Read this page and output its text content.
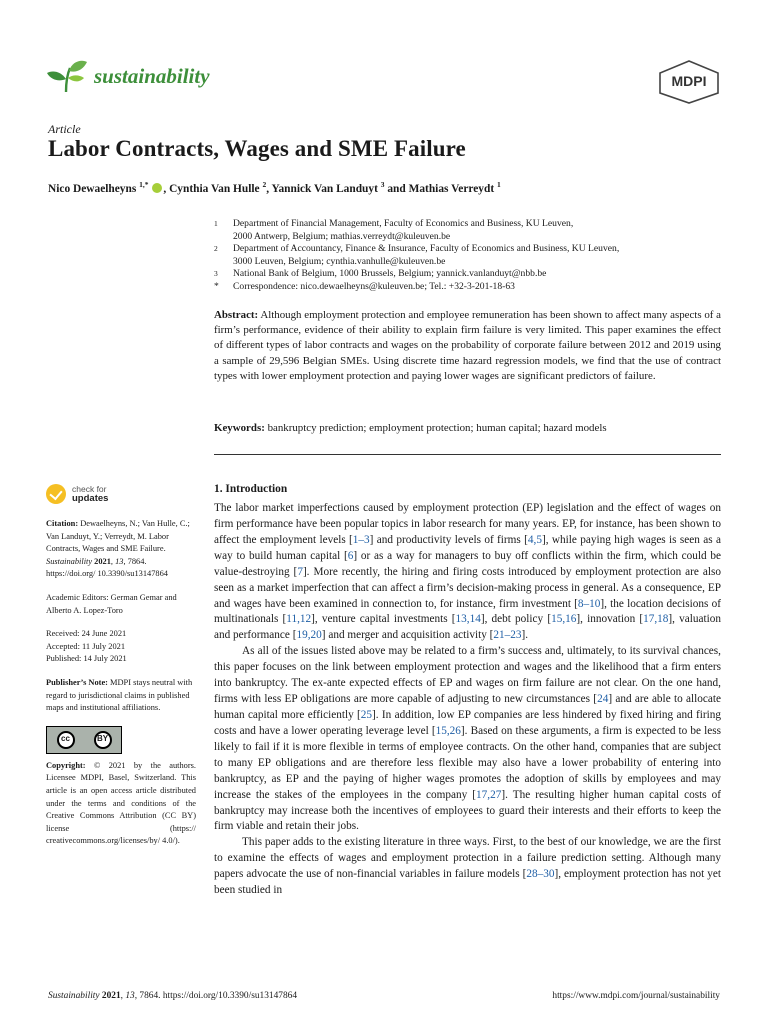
sustainability	MDPI
Article
Labor Contracts, Wages and SME Failure
Nico Dewaelheyns $^{1,*}$ , Cynthia Van Hulle $^2$, Yannick Van Landuyt $^3$ and Mathias Verreydt $^1$
1	Department of Financial Management, Faculty of Economics and Business, KU Leuven,
2000 Antwerp, Belgium; mathias.verreydt@kuleuven.be
2	Department of Accountancy, Finance & Insurance, Faculty of Economics and Business, KU Leuven,
3000 Leuven, Belgium; cynthia.vanhulle@kuleuven.be
3	National Bank of Belgium, 1000 Brussels, Belgium; yannick.vanlanduyt@nbb.be
*	Correspondence: nico.dewaelheyns@kuleuven.be; Tel.: +32-3-201-18-63
Abstract: Although employment protection and employee remuneration has been shown to affect many aspects of a firm’s performance, evidence of their ability to explain firm failure is very limited. This paper examines the effect of different types of labor contracts and wages on the probability of corporate failure between 2012 and 2019 using a sample of 29,596 Belgian SMEs. Using discrete time hazard regression models, we find that the use of contract types with lower employment protection and paying lower wages are significant predictors of failure.
Keywords: bankruptcy prediction; employment protection; human capital; hazard models
check for
updates

Citation: Dewaelheyns, N.; Van Hulle, C.; Van Landuyt, Y.; Verreydt, M. Labor Contracts, Wages and SME Failure. Sustainability 2021, 13, 7864. https://doi.org/ 10.3390/su13147864

Academic Editors: German Gemar and Alberto A. Lopez-Toro

Received: 24 June 2021
Accepted: 11 July 2021
Published: 14 July 2021

Publisher’s Note: MDPI stays neutral with regard to jurisdictional claims in published maps and institutional affiliations.

cc	BY

Copyright: © 2021 by the authors. Licensee MDPI, Basel, Switzerland. This article is an open access article distributed under the terms and conditions of the Creative Commons Attribution (CC BY) license (https:// creativecommons.org/licenses/by/ 4.0/).

1. Introduction

The labor market imperfections caused by employment protection (EP) legislation and the effect of wages on firm performance have been popular topics in labor research for many years. EP, for instance, has been shown to affect the employment levels [1–3] and productivity levels of firms [4,5], while paying high wages is seen as a way to build human capital [6] or as a way for managers to buy off conflicts within the firm, which could be value-destroying [7]. More recently, the hiring and firing costs introduced by employment protection are also seen as a market imperfection that can affect a firm’s decision-making process in general. As a consequence, EP and wages have been examined in connection to, for instance, firm investment [8–10], the location decisions of multinationals [11,12], venture capital investments [13,14], debt policy [15,16], innovation [17,18], valuation and performance [19,20] and merger and acquisition activity [21–23].

As all of the issues listed above may be related to a firm’s success and, ultimately, to its survival chances, this paper focuses on the link between employment protection and wages and the likelihood that a firm enters into bankruptcy. The ex-ante expected effects of EP and wages on firm failure are not clear. On the one hand, firms with less EP obligations are more capable of adjusting to new circumstances [24] and are able to allocate human capital more efficiently [25]. In addition, low EP companies are less hindered by fixed hiring and firing costs and have a lower operating leverage level [15,26]. Based on these arguments, a firm is expected to be less likely to fail if it is more flexible in terms of employee contracts. On the other hand, companies that are subject to many EP obligations and are therefore less flexible may also have a lower probability of entering into bankruptcy, as EP and the paying of higher wages promotes the adoption of skills by employees and may increase the stakes of the employees in the company [17,27]. The resulting higher human capital costs of bankruptcy may increase both the incentives of employees to guard their interests and their efforts to keep the firm viable and retain their jobs.

This paper adds to the existing literature in three ways. First, to the best of our knowledge, we are the first to examine the effects of wages and employment protection in a failure prediction setting. Although many papers advocate the use of non-financial variables in failure models [28–30], employment protection has not yet been studied in

Sustainability 2021, 13, 7864. https://doi.org/10.3390/su13147864	https://www.mdpi.com/journal/sustainability
